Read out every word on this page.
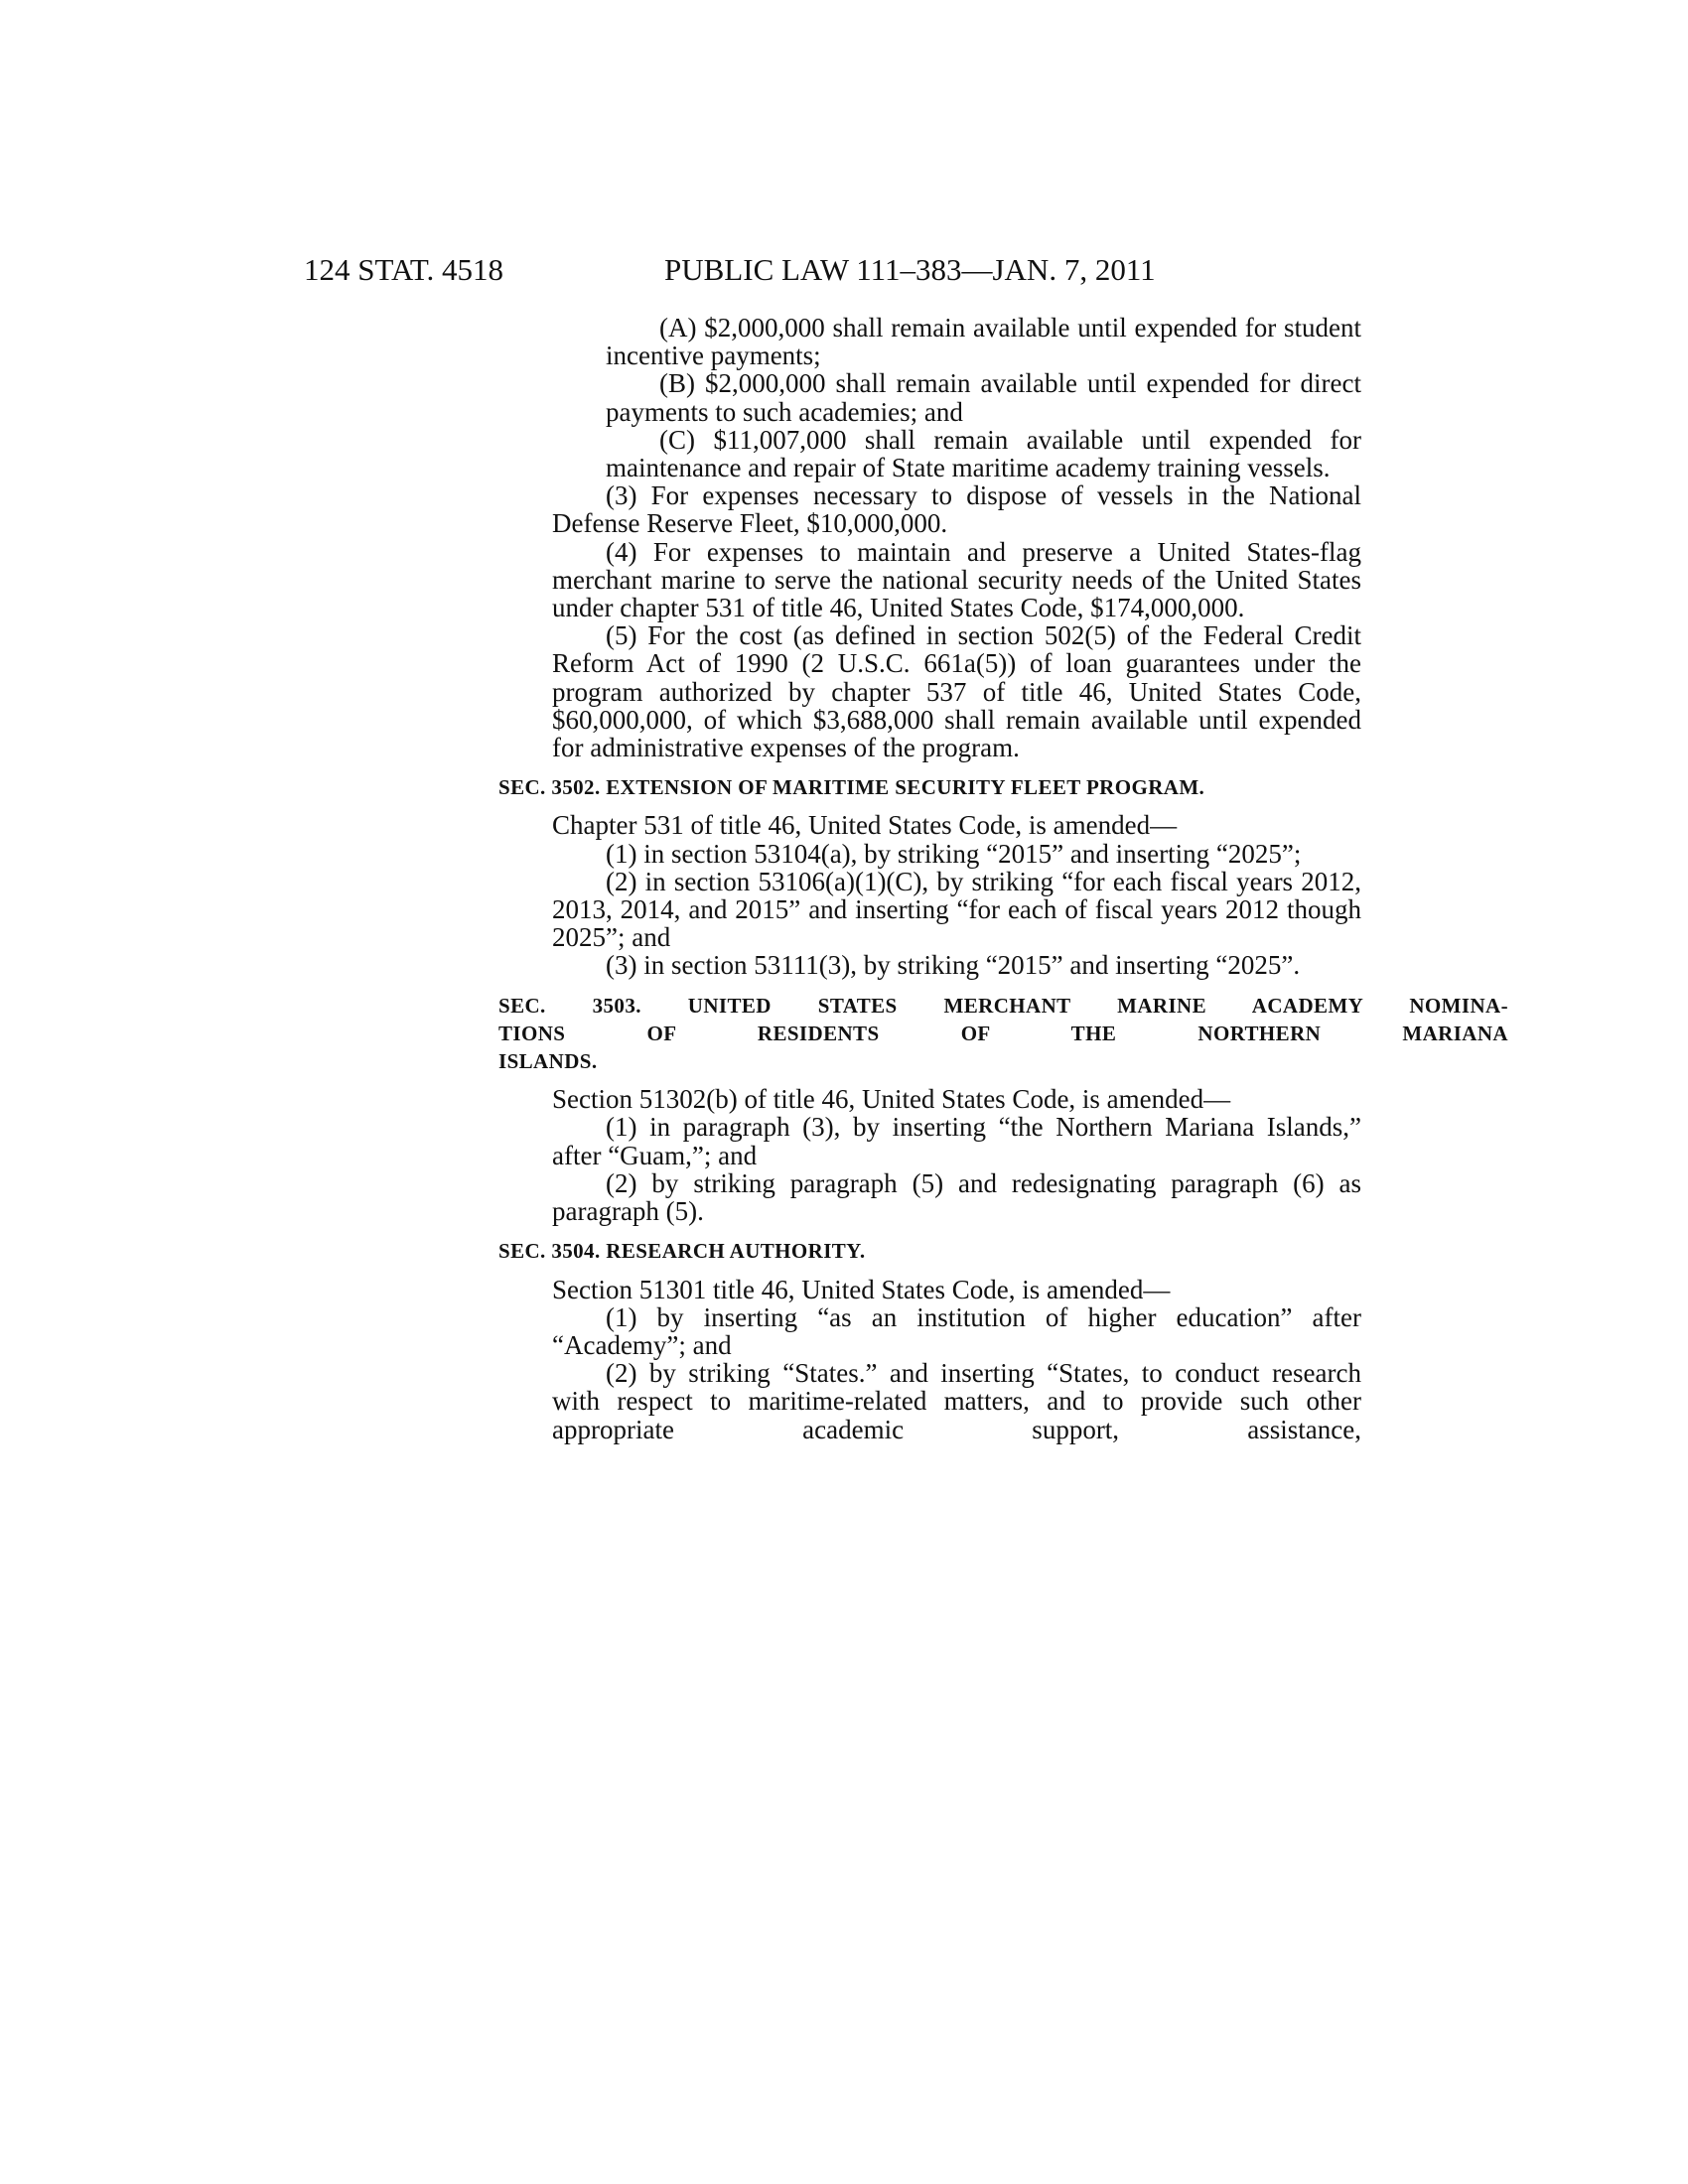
124 STAT. 4518	PUBLIC LAW 111–383—JAN. 7, 2011

(A) $2,000,000 shall remain available until expended for student incentive payments;

(B) $2,000,000 shall remain available until expended for direct payments to such academies; and

(C) $11,007,000 shall remain available until expended for maintenance and repair of State maritime academy training vessels.

(3) For expenses necessary to dispose of vessels in the National Defense Reserve Fleet, $10,000,000.

(4) For expenses to maintain and preserve a United States-flag merchant marine to serve the national security needs of the United States under chapter 531 of title 46, United States Code, $174,000,000.

(5) For the cost (as defined in section 502(5) of the Federal Credit Reform Act of 1990 (2 U.S.C. 661a(5)) of loan guarantees under the program authorized by chapter 537 of title 46, United States Code, $60,000,000, of which $3,688,000 shall remain available until expended for administrative expenses of the program.

SEC. 3502. EXTENSION OF MARITIME SECURITY FLEET PROGRAM.

Chapter 531 of title 46, United States Code, is amended—

(1) in section 53104(a), by striking “2015” and inserting “2025”;

(2) in section 53106(a)(1)(C), by striking “for each fiscal years 2012, 2013, 2014, and 2015” and inserting “for each of fiscal years 2012 though 2025”; and

(3) in section 53111(3), by striking “2015” and inserting “2025”.

SEC. 3503. UNITED STATES MERCHANT MARINE ACADEMY NOMINA-
TIONS OF RESIDENTS OF THE NORTHERN MARIANA
ISLANDS.

Section 51302(b) of title 46, United States Code, is amended—

(1) in paragraph (3), by inserting “the Northern Mariana Islands,” after “Guam,”; and

(2) by striking paragraph (5) and redesignating paragraph (6) as paragraph (5).

SEC. 3504. RESEARCH AUTHORITY.

Section 51301 title 46, United States Code, is amended—

(1) by inserting “as an institution of higher education” after “Academy”; and

(2) by striking “States.” and inserting “States, to conduct research with respect to maritime-related matters, and to provide such other appropriate academic support, assistance,
